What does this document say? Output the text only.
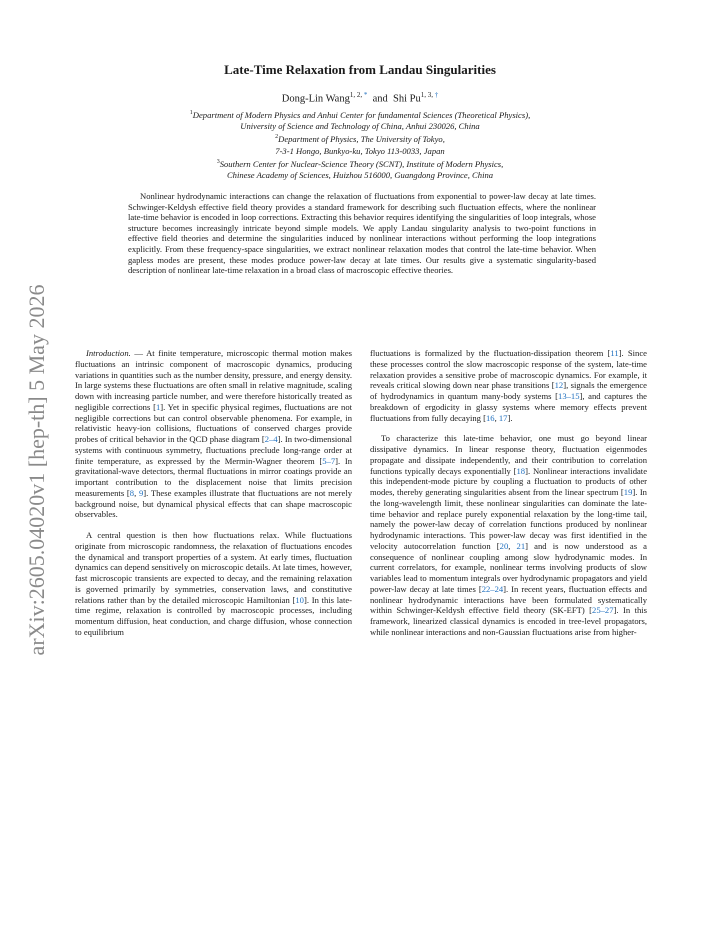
arXiv:2605.04020v1 [hep-th] 5 May 2026
Late-Time Relaxation from Landau Singularities
Dong-Lin Wang$^{1, 2, *}$ and Shi $Pu^{1, 3, \dagger}$
$^1$Department of Modern Physics and Anhui Center for fundamental Sciences (Theoretical Physics),
University of Science and Technology of China, Anhui 230026, China
$^2$Department of Physics, The University of Tokyo,
7-3-1 Hongo, Bunkyo-ku, Tokyo 113-0033, Japan
$^3$Southern Center for Nuclear-Science Theory (SCNT), Institute of Modern Physics,
Chinese Academy of Sciences, Huizhou 516000, Guangdong Province, China

Nonlinear hydrodynamic interactions can change the relaxation of fluctuations from exponential to power-law decay at late times. Schwinger-Keldysh effective field theory provides a standard framework for describing such fluctuation effects, where the nonlinear late-time behavior is encoded in loop corrections. Extracting this behavior requires identifying the singularities of loop integrals, whose structure becomes increasingly intricate beyond simple models. We apply Landau singularity analysis to two-point functions in effective field theories and determine the singularities induced by nonlinear interactions without performing the loop integrations explicitly. From these frequency-space singularities, we extract nonlinear relaxation modes that control the late-time behavior. When gapless modes are present, these modes produce power-law decay at late times. Our results give a systematic singularity-based description of nonlinear late-time relaxation in a broad class of macroscopic effective theories.

Introduction. — At finite temperature, microscopic thermal motion makes fluctuations an intrinsic component of macroscopic dynamics, producing variations in quantities such as the number density, pressure, and energy density. In large systems these fluctuations are often small in relative magnitude, scaling down with increasing particle number, and were therefore historically treated as negligible corrections [1]. Yet in specific physical regimes, fluctuations are not negligible corrections but can control observable phenomena. For example, in relativistic heavy-ion collisions, fluctuations of conserved charges provide probes of critical behavior in the QCD phase diagram [2–4]. In two-dimensional systems with continuous symmetry, fluctuations preclude long-range order at finite temperature, as expressed by the Mermin-Wagner theorem [5–7]. In gravitational-wave detectors, thermal fluctuations in mirror coatings provide an important contribution to the displacement noise that limits precision measurements [8, 9]. These examples illustrate that fluctuations are not merely background noise, but dynamical physical effects that can shape macroscopic observables.

A central question is then how fluctuations relax. While fluctuations originate from microscopic randomness, the relaxation of fluctuations encodes the dynamical and transport properties of a system. At early times, fluctuation dynamics can depend sensitively on microscopic details. At late times, however, fast microscopic transients are expected to decay, and the remaining relaxation is governed primarily by symmetries, conservation laws, and constitutive relations rather than by the detailed microscopic Hamiltonian [10]. In this late-time regime, relaxation is controlled by macroscopic processes, including momentum diffusion, heat conduction, and charge diffusion, whose connection to equilibrium

fluctuations is formalized by the fluctuation-dissipation theorem [11]. Since these processes control the slow macroscopic response of the system, late-time relaxation provides a sensitive probe of macroscopic dynamics. For example, it reveals critical slowing down near phase transitions [12], signals the emergence of hydrodynamics in quantum many-body systems [13–15], and captures the breakdown of ergodicity in glassy systems where memory effects prevent fluctuations from fully decaying [16, 17].

To characterize this late-time behavior, one must go beyond linear dissipative dynamics. In linear response theory, fluctuation eigenmodes propagate and dissipate independently, and their contribution to correlation functions typically decays exponentially [18]. Nonlinear interactions invalidate this independent-mode picture by coupling a fluctuation to products of other modes, thereby generating singularities absent from the linear spectrum [19]. In the long-wavelength limit, these nonlinear singularities can dominate the late-time behavior and replace purely exponential relaxation by the long-time tail, namely the power-law decay of correlation functions produced by nonlinear hydrodynamic interactions. This power-law decay was first identified in the velocity autocorrelation function [20, 21] and is now understood as a consequence of nonlinear coupling among slow hydrodynamic modes. In current correlators, for example, nonlinear terms involving products of slow variables lead to momentum integrals over hydrodynamic propagators and yield power-law decay at late times [22–24]. In recent years, fluctuation effects and nonlinear hydrodynamic interactions have been formulated systematically within Schwinger-Keldysh effective field theory (SK-EFT) [25–27]. In this framework, linearized classical dynamics is encoded in tree-level propagators, while nonlinear interactions and non-Gaussian fluctuations arise from higher-
